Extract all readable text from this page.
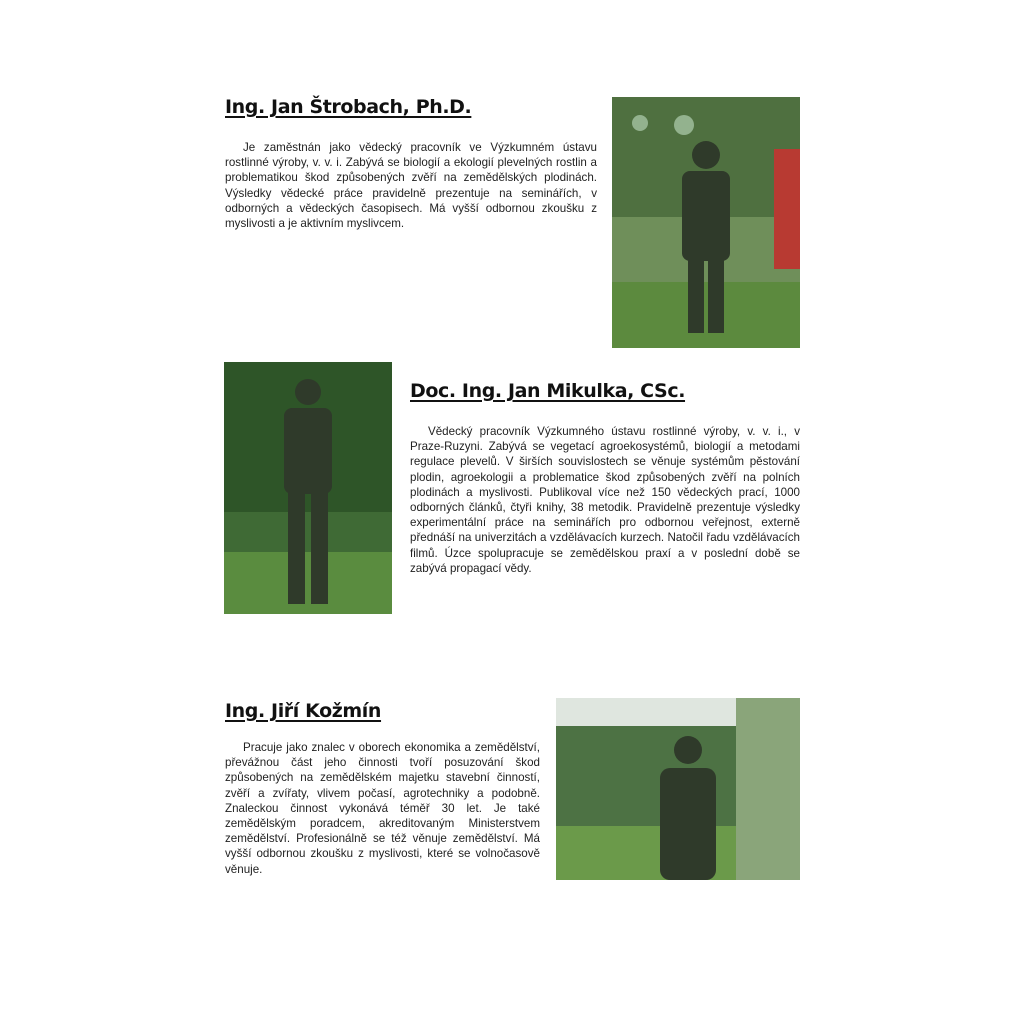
Ing. Jan Štrobach, Ph.D.

Je zaměstnán jako vědecký pracovník ve Výzkumném ústavu rostlinné výroby, v. v. i. Zabývá se biologií a ekologií plevelných rostlin a problematikou škod způsobených zvěří na zemědělských plodinách. Výsledky vědecké práce pravidelně prezentuje na seminářích, v odborných a vědeckých časopisech. Má vyšší odbornou zkoušku z myslivosti a je aktivním myslivcem.

Doc. Ing. Jan Mikulka, CSc.

Vědecký pracovník Výzkumného ústavu rostlinné výroby, v. v. i., v Praze-Ruzyni. Zabývá se vegetací agroekosystémů, biologií a metodami regulace plevelů. V širších souvislostech se věnuje systémům pěstování plodin, agroekologii a problematice škod způsobených zvěří na polních plodinách a myslivosti. Publikoval více než 150 vědeckých prací, 1000 odborných článků, čtyři knihy, 38 metodik. Pravidelně prezentuje výsledky experimentální práce na seminářích pro odbornou veřejnost, externě přednáší na univerzitách a vzdělávacích kurzech. Natočil řadu vzdělávacích filmů. Úzce spolupracuje se zemědělskou praxí a v poslední době se zabývá propagací vědy.

Ing. Jiří Kožmín

Pracuje jako znalec v oborech ekonomika a zemědělství, převážnou část jeho činnosti tvoří posuzování škod způsobených na zemědělském majetku stavební činností, zvěří a zvířaty, vlivem počasí, agrotechniky a podobně. Znaleckou činnost vykonává téměř 30 let. Je také zemědělským poradcem, akreditovaným Ministerstvem zemědělství. Profesionálně se též věnuje zemědělství. Má vyšší odbornou zkoušku z myslivosti, které se volnočasově věnuje.
